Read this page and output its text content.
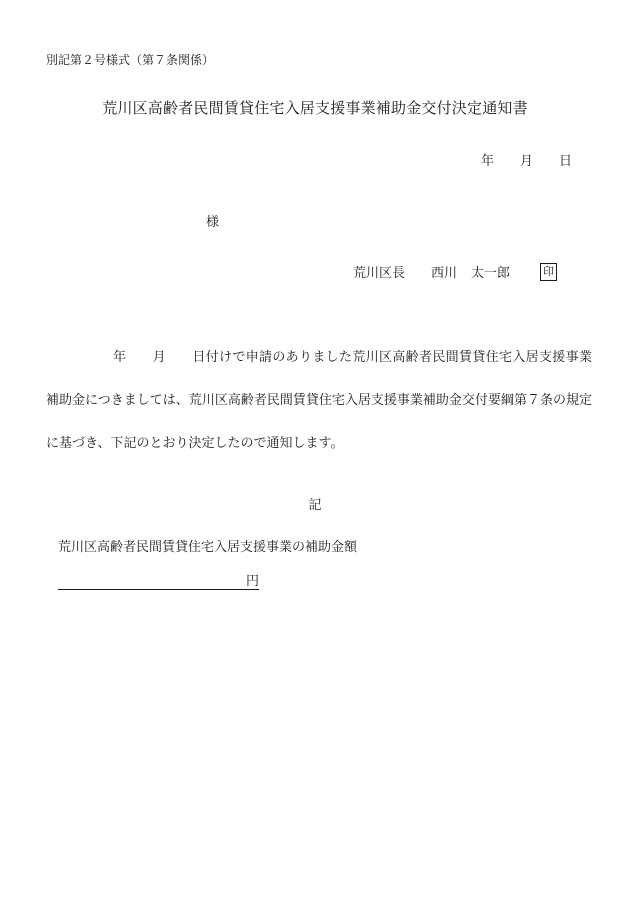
別記第２号様式（第７条関係）
荒川区高齢者民間賃貸住宅入居支援事業補助金交付決定通知書
年 月 日
様
荒川区長 西川 太一郎	印
年 月 日付けで申請のありました荒川区高齢者民間賃貸住宅入居支援事業補助金につきましては、荒川区高齢者民間賃貸住宅入居支援事業補助金交付要綱第７条の規定に基づき、下記のとおり決定したので通知します。
記
荒川区高齢者民間賃貸住宅入居支援事業の補助金額
円
